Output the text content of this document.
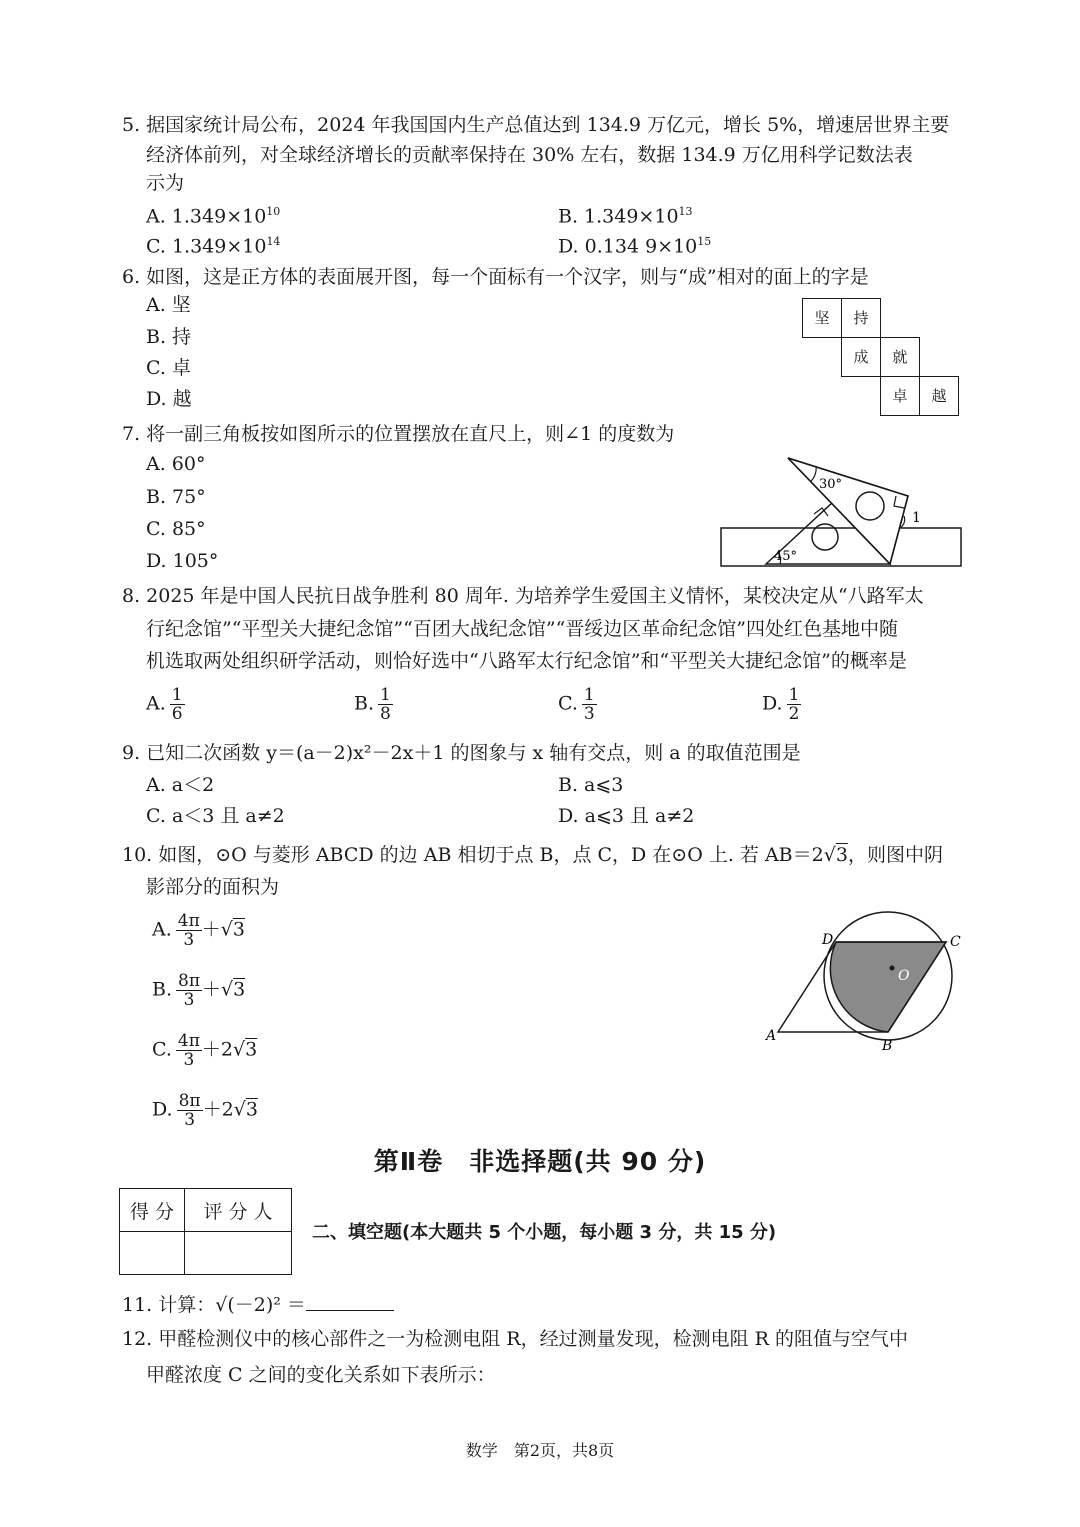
5. 据国家统计局公布，2024 年我国国内生产总值达到 134.9 万亿元，增长 5%，增速居世界主要
经济体前列，对全球经济增长的贡献率保持在 30% 左右，数据 134.9 万亿用科学记数法表
示为
A. $1.349\times 10^{10}$	B. $1.349\times 10^{13}$
C. $1.349\times 10^{14}$	D. 0.134 $9\times 10^{15}$
6. 如图，这是正方体的表面展开图，每一个面标有一个汉字，则与“成”相对的面上的字是
A. 坚
B. 持
C. 卓
D. 越
坚	持
成	就
卓	越
7. 将一副三角板按如图所示的位置摆放在直尺上，则∠1 的度数为
A. 60°
B. 75°
C. 85°
D. 105°
30°
45°
1
8. 2025 年是中国人民抗日战争胜利 80 周年. 为培养学生爱国主义情怀，某校决定从“八路军太
行纪念馆”“平型关大捷纪念馆”“百团大战纪念馆”“晋绥边区革命纪念馆”四处红色基地中随
机选取两处组织研学活动，则恰好选中“八路军太行纪念馆”和“平型关大捷纪念馆”的概率是
A. $\frac{1}{6}$	B. $\frac{1}{8}$	C. $\frac{1}{3}$	D. $\frac{1}{2}$
9. 已知二次函数 y＝(a－2)x²－2x＋1 的图象与 x 轴有交点，则 a 的取值范围是
A. a＜2	B. a⩽3
C. a＜3 且 a≠2	D. a⩽3 且 a≠2
10. 如图，⊙O 与菱形 ABCD 的边 AB 相切于点 B，点 C，D 在⊙O 上. 若 AB＝2√3，则图中阴
影部分的面积为
A. $\frac{4\pi}{3} +√3$
B. $\frac{8\pi}{3} +√3$
C. $\frac{4\pi}{3} +2√3$
D. $\frac{8\pi}{3} +2√3$
D	C
A
B
O
第Ⅱ卷　非选择题(共 90 分)
得 分	评 分 人

二、填空题(本大题共 5 个小题，每小题 3 分，共 15 分)
11. 计算：√(－2)² ＝
12. 甲醛检测仪中的核心部件之一为检测电阻 R，经过测量发现，检测电阻 R 的阻值与空气中
甲醛浓度 C 之间的变化关系如下表所示：
数学　第2页，共8页
